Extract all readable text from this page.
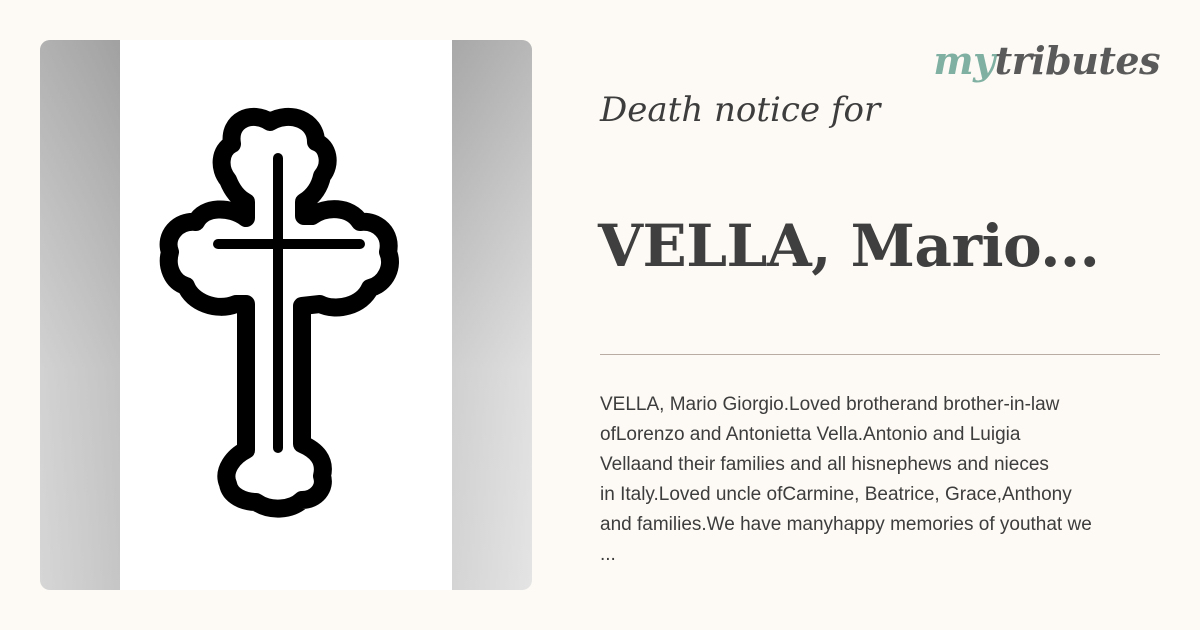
mytributes
Death notice for
VELLA, Mario...
VELLA, Mario Giorgio.Loved brotherand brother-in-law
ofLorenzo and Antonietta Vella.Antonio and Luigia
Vellaand their families and all hisnephews and nieces
in Italy.Loved uncle ofCarmine, Beatrice, Grace,Anthony
and families.We have manyhappy memories of youthat we
...
